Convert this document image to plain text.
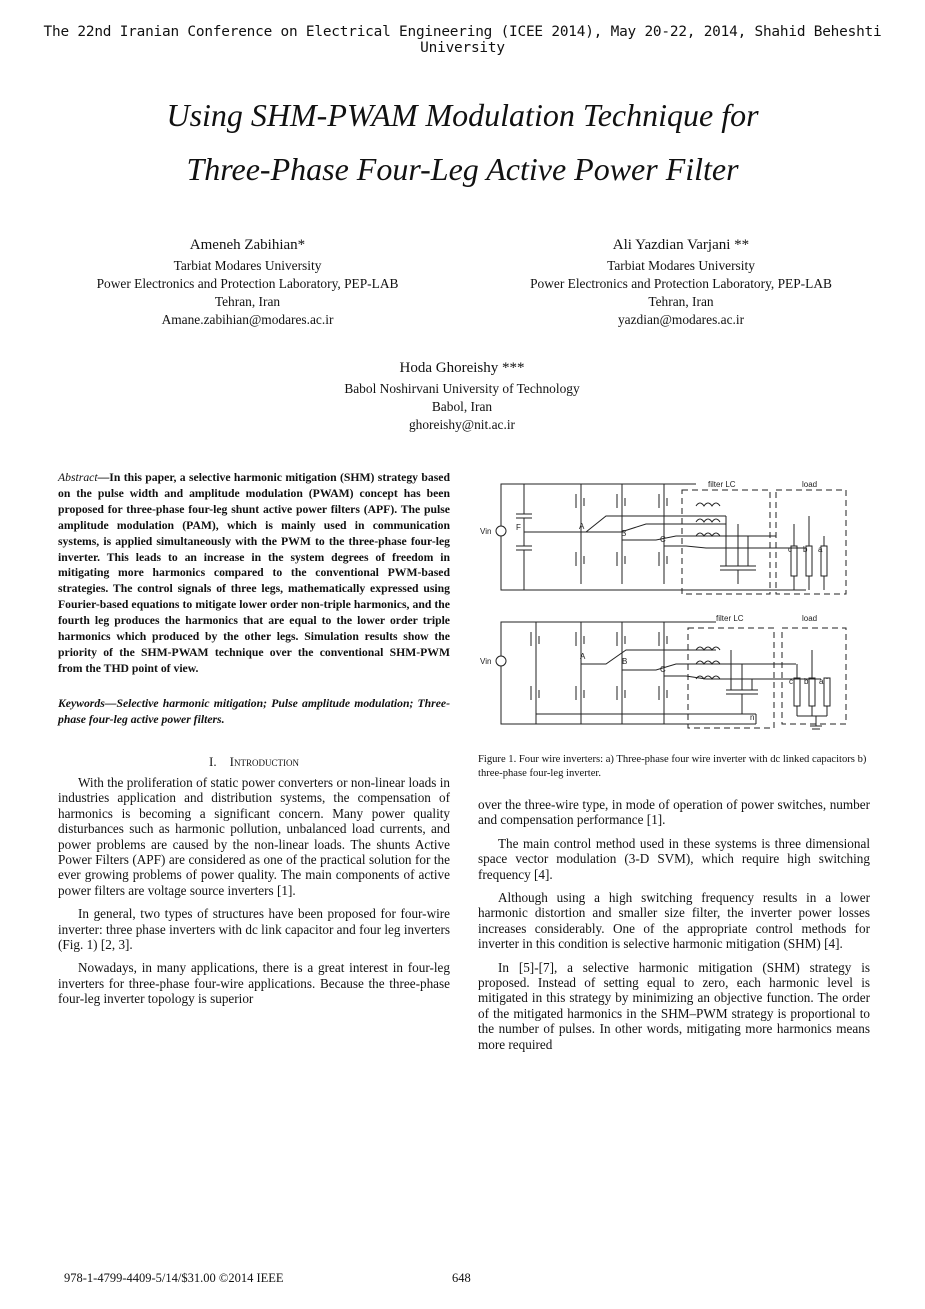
The 22nd Iranian Conference on Electrical Engineering (ICEE 2014), May 20-22, 2014, Shahid Beheshti University
Using SHM-PWAM Modulation Technique for
Three-Phase Four-Leg Active Power Filter
Ameneh Zabihian*
Tarbiat Modares University
Power Electronics and Protection Laboratory, PEP-LAB
Tehran, Iran
Amane.zabihian@modares.ac.ir
Ali Yazdian Varjani **
Tarbiat Modares University
Power Electronics and Protection Laboratory, PEP-LAB
Tehran, Iran
yazdian@modares.ac.ir
Hoda Ghoreishy ***
Babol Noshirvani University of Technology
Babol, Iran
ghoreishy@nit.ac.ir

Abstract—In this paper, a selective harmonic mitigation (SHM) strategy based on the pulse width and amplitude modulation (PWAM) concept has been proposed for three-phase four-leg shunt active power filters (APF). The pulse amplitude modulation (PAM), which is mainly used in communication systems, is applied simultaneously with the PWM to the three-phase four-leg inverter. This leads to an increase in the system degrees of freedom in mitigating more harmonics compared to the conventional PWM-based strategies. The control signals of three legs, mathematically expressed using Fourier-based equations to mitigate lower order non-triple harmonics, and the fourth leg produces the harmonics that are equal to the lower order triple harmonics which produced by the other legs. Simulation results show the priority of the SHM-PWAM technique over the conventional SHM-PWM from the THD point of view.

Keywords—Selective harmonic mitigation; Pulse amplitude modulation; Three-phase four-leg active power filters.

I. Introduction

With the proliferation of static power converters or non-linear loads in industries application and distribution systems, the compensation of harmonics is becoming a significant concern. Many power quality disturbances such as harmonic pollution, unbalanced load currents, and power problems are caused by the non-linear loads. The shunts Active Power Filters (APF) are considered as one of the practical solution for the ever growing problems of power quality. The main components of active power filters are voltage source inverters [1].

In general, two types of structures have been proposed for four-wire inverter: three phase inverters with dc link capacitor and four leg inverters (Fig. 1) [2, 3].

Nowadays, in many applications, there is a great interest in four-leg inverters for three-phase four-wire applications. Because the three-phase four-leg inverter topology is superior

Vin	F	A
B
C
filter LC	load
c b a
Vin
A
B
C
filter LC	load
n
c b a
Figure 1. Four wire inverters: a) Three-phase four wire inverter with dc linked capacitors b) three-phase four-leg inverter.

over the three-wire type, in mode of operation of power switches, number and compensation performance [1].

The main control method used in these systems is three dimensional space vector modulation (3-D SVM), which require high switching frequency [4].

Although using a high switching frequency results in a lower harmonic distortion and smaller size filter, the inverter power losses increases considerably. One of the appropriate control methods for inverter in this condition is selective harmonic mitigation (SHM) [4].

In [5]-[7], a selective harmonic mitigation (SHM) strategy is proposed. Instead of setting equal to zero, each harmonic level is mitigated in this strategy by minimizing an objective function. The order of the mitigated harmonics in the SHM–PWM strategy is proportional to the number of pulses. In other words, mitigating more harmonics means more required

978-1-4799-4409-5/14/$31.00 ©2014 IEEE	648
